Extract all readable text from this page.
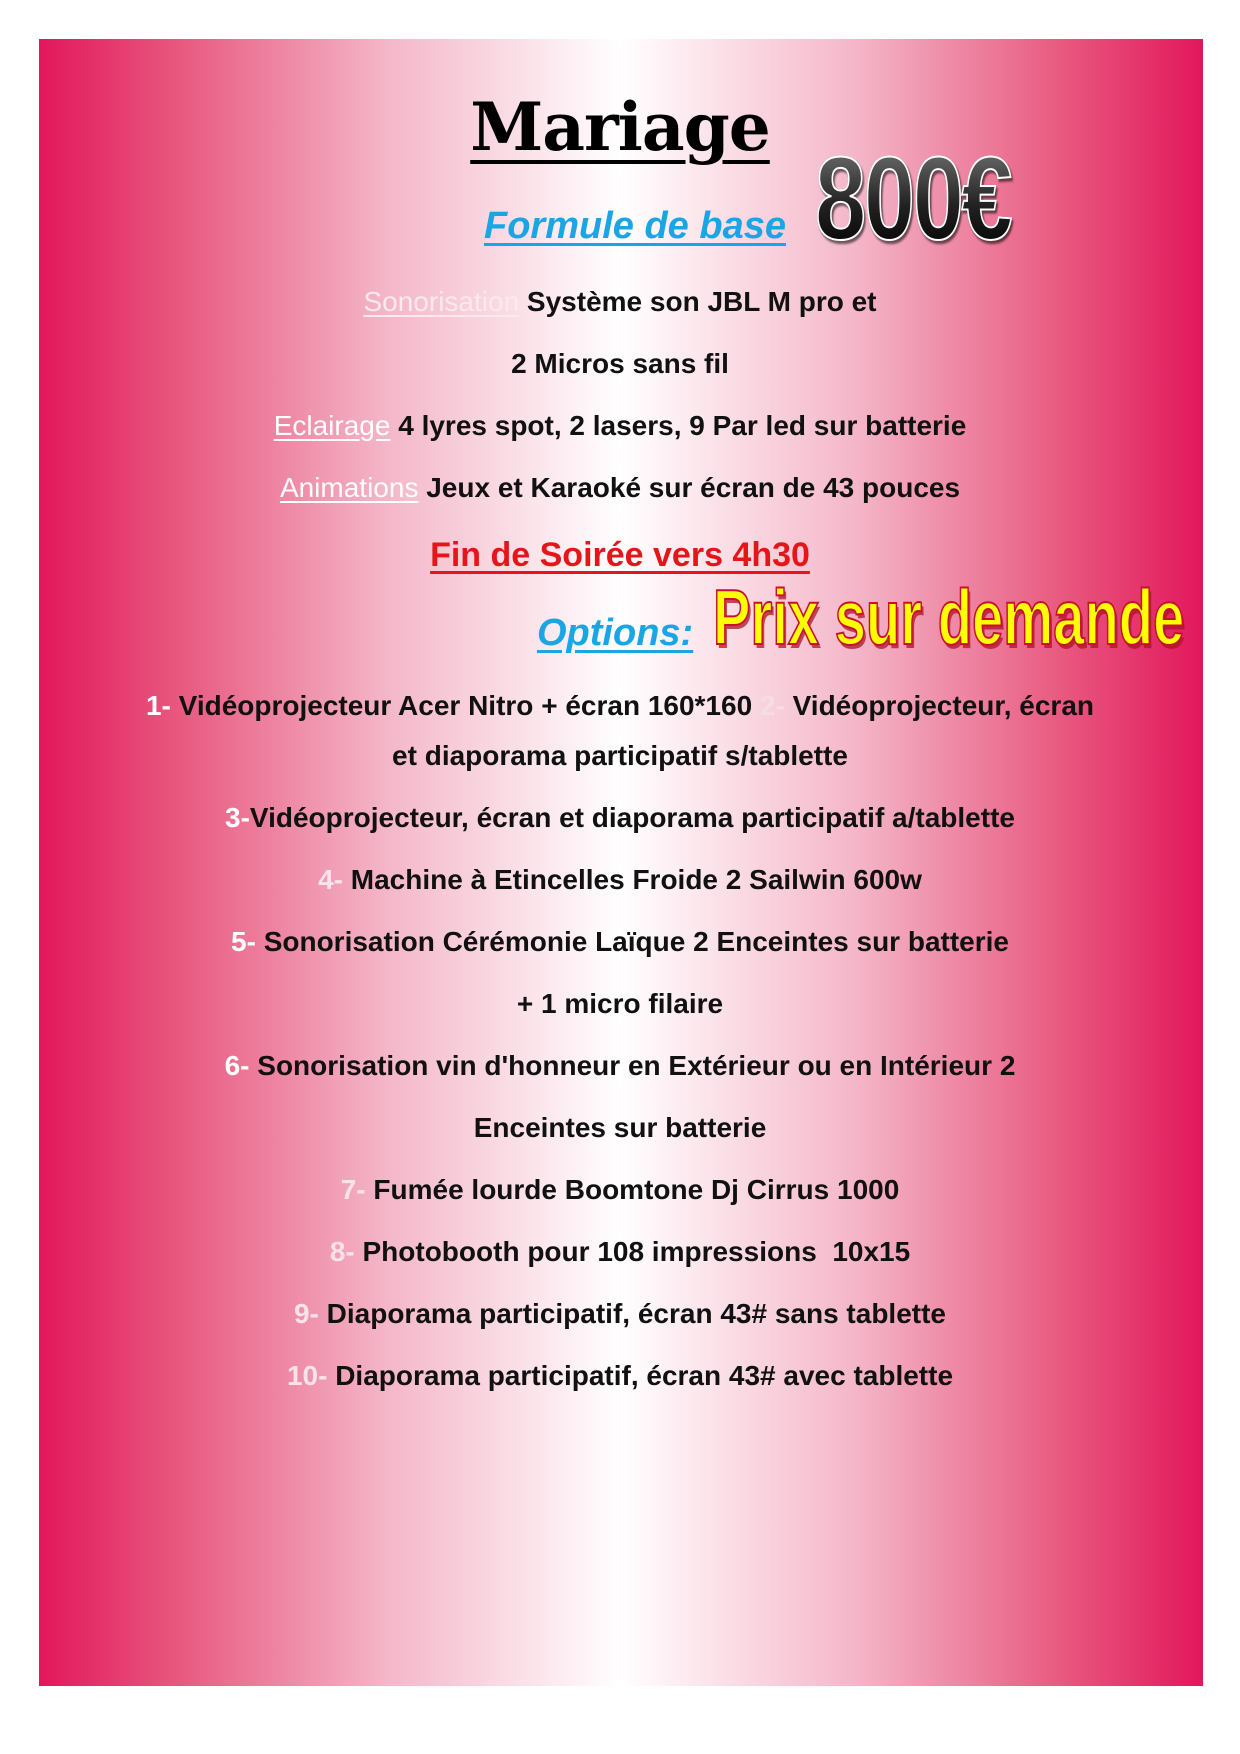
Mariage
Formule de base 800€
Sonorisation Système son JBL M pro et
2 Micros sans fil
Eclairage 4 lyres spot, 2 lasers, 9 Par led sur batterie
Animations Jeux et Karaoké sur écran de 43 pouces
Fin de Soirée vers 4h30
Options: Prix sur demande
1- Vidéoprojecteur Acer Nitro + écran 160*160 2- Vidéoprojecteur, écran
et diaporama participatif s/tablette
3-Vidéoprojecteur, écran et diaporama participatif a/tablette
4- Machine à Etincelles Froide 2 Sailwin 600w
5- Sonorisation Cérémonie Laïque 2 Enceintes sur batterie
+ 1 micro filaire
6- Sonorisation vin d'honneur en Extérieur ou en Intérieur 2
Enceintes sur batterie
7- Fumée lourde Boomtone Dj Cirrus 1000
8- Photobooth pour 108 impressions  10x15
9- Diaporama participatif, écran 43# sans tablette
10- Diaporama participatif, écran 43# avec tablette
